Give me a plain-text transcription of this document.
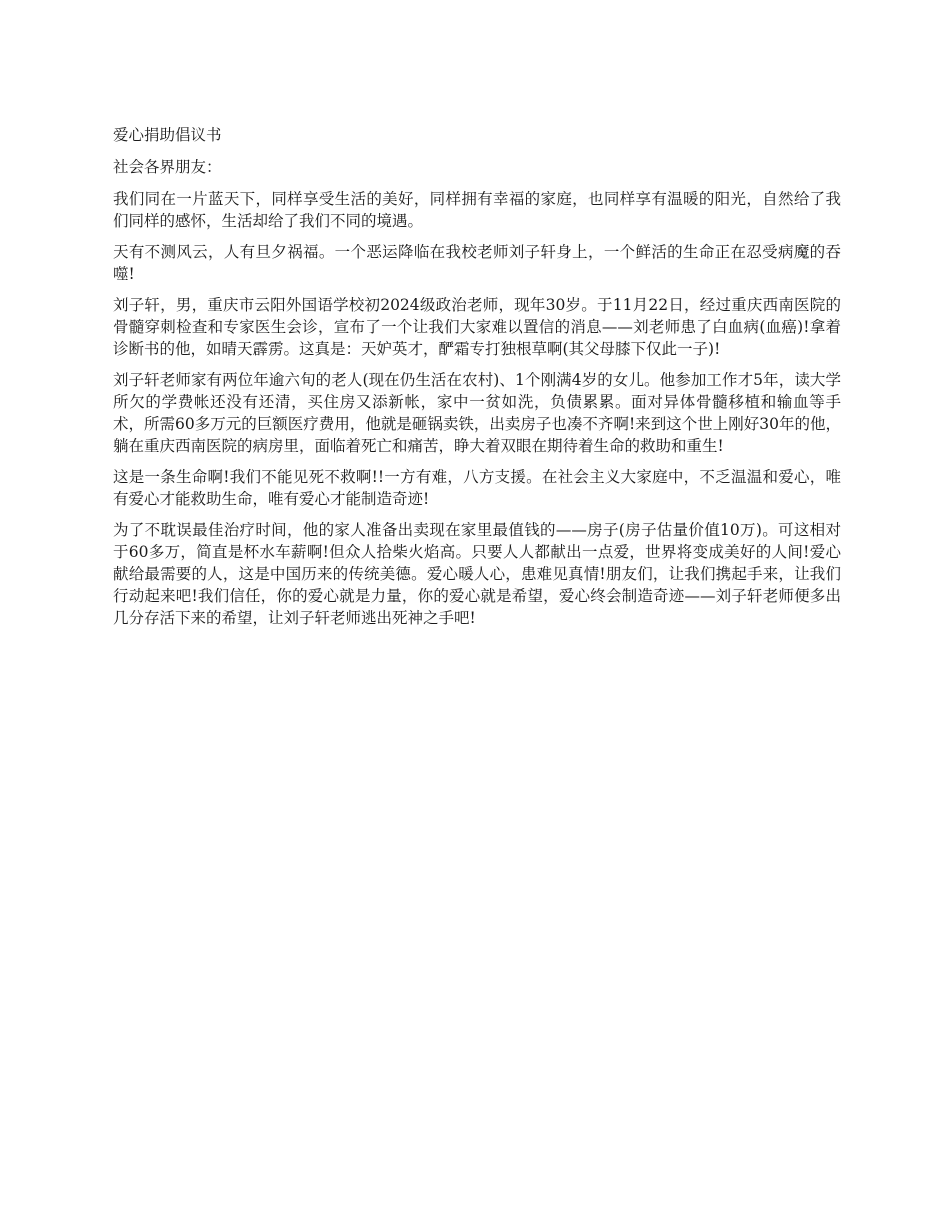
爱心捐助倡议书
社会各界朋友：

我们同在一片蓝天下，同样享受生活的美好，同样拥有幸福的家庭，也同样享有温暖的阳光，自然给了我们同样的感怀，生活却给了我们不同的境遇。

天有不测风云，人有旦夕祸福。一个恶运降临在我校老师刘子轩身上，一个鲜活的生命正在忍受病魔的吞噬!

刘子轩，男，重庆市云阳外国语学校初2024级政治老师，现年30岁。于11月22日，经过重庆西南医院的骨髓穿刺检查和专家医生会诊，宣布了一个让我们大家难以置信的消息——刘老师患了白血病(血癌)!拿着诊断书的他，如晴天霹雳。这真是：天妒英才，酽霜专打独根草啊(其父母膝下仅此一子)!

刘子轩老师家有两位年逾六旬的老人(现在仍生活在农村)、1个刚满4岁的女儿。他参加工作才5年，读大学所欠的学费帐还没有还清，买住房又添新帐，家中一贫如洗，负债累累。面对异体骨髓移植和输血等手术，所需60多万元的巨额医疗费用，他就是砸锅卖铁，出卖房子也凑不齐啊!来到这个世上刚好30年的他，躺在重庆西南医院的病房里，面临着死亡和痛苦，睁大着双眼在期待着生命的救助和重生!

这是一条生命啊!我们不能见死不救啊!!一方有难，八方支援。在社会主义大家庭中，不乏温温和爱心，唯有爱心才能救助生命，唯有爱心才能制造奇迹!

为了不耽误最佳治疗时间，他的家人准备出卖现在家里最值钱的——房子(房子估量价值10万)。可这相对于60多万，简直是杯水车薪啊!但众人拾柴火焰高。只要人人都献出一点爱，世界将变成美好的人间!爱心献给最需要的人，这是中国历来的传统美德。爱心暖人心，患难见真情!朋友们，让我们携起手来，让我们行动起来吧!我们信任，你的爱心就是力量，你的爱心就是希望，爱心终会制造奇迹——刘子轩老师便多出几分存活下来的希望，让刘子轩老师逃出死神之手吧!
